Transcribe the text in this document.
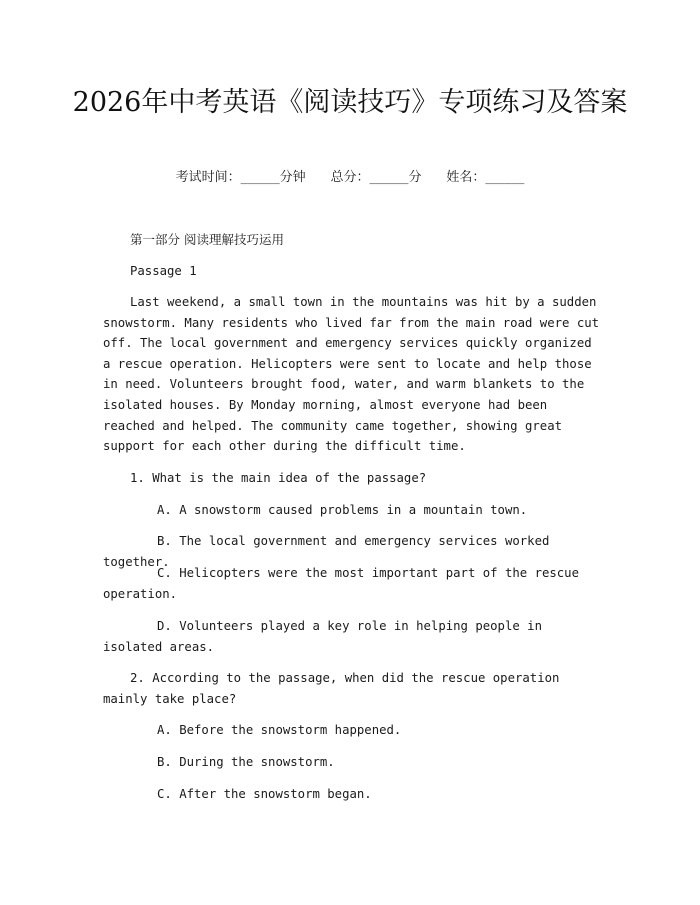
2026年中考英语《阅读技巧》专项练习及答案
考试时间：______分钟 总分：______分 姓名：______
第一部分 阅读理解技巧运用
Passage 1
Last weekend, a small town in the mountains was hit by a sudden snowstorm. Many residents who lived far from the main road were cut off. The local government and emergency services quickly organized a rescue operation. Helicopters were sent to locate and help those in need. Volunteers brought food, water, and warm blankets to the isolated houses. By Monday morning, almost everyone had been reached and helped. The community came together, showing great support for each other during the difficult time.
1. What is the main idea of the passage?
A. A snowstorm caused problems in a mountain town.
B. The local government and emergency services worked together.
C. Helicopters were the most important part of the rescue operation.
D. Volunteers played a key role in helping people in isolated areas.
2. According to the passage, when did the rescue operation mainly take place?
A. Before the snowstorm happened.
B. During the snowstorm.
C. After the snowstorm began.
